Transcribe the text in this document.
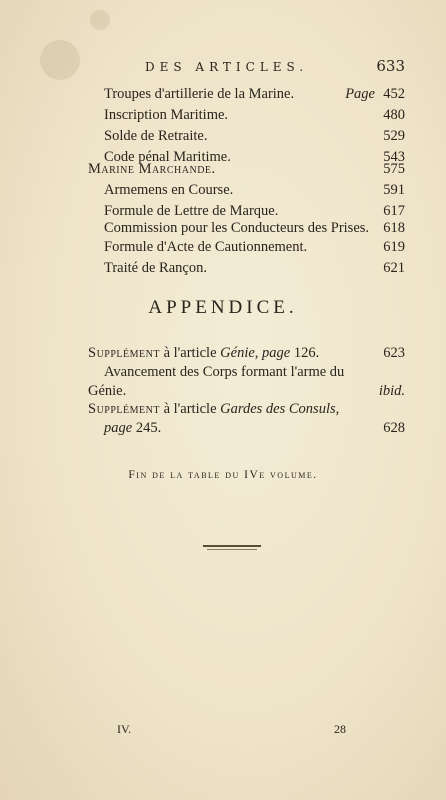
DES ARTICLES.	633
Troupes d'artillerie de la Marine.	Page 452
Inscription Maritime.	480
Solde de Retraite.	529
Code pénal Maritime.	543
Marine Marchande.	575
Armemens en Course.	591
Formule de Lettre de Marque.	617
Commission pour les Conducteurs des Prises. 618
Formule d'Acte de Cautionnement.	619
Traité de Rançon.	621
APPENDICE.
Supplément à l'article Génie, page 126.	623
Avancement des Corps formant l'arme du
Génie.	ibid.
Supplément à l'article Gardes des Consuls,
page 245.	628
Fin de la table du IVe volume.
IV.	28
